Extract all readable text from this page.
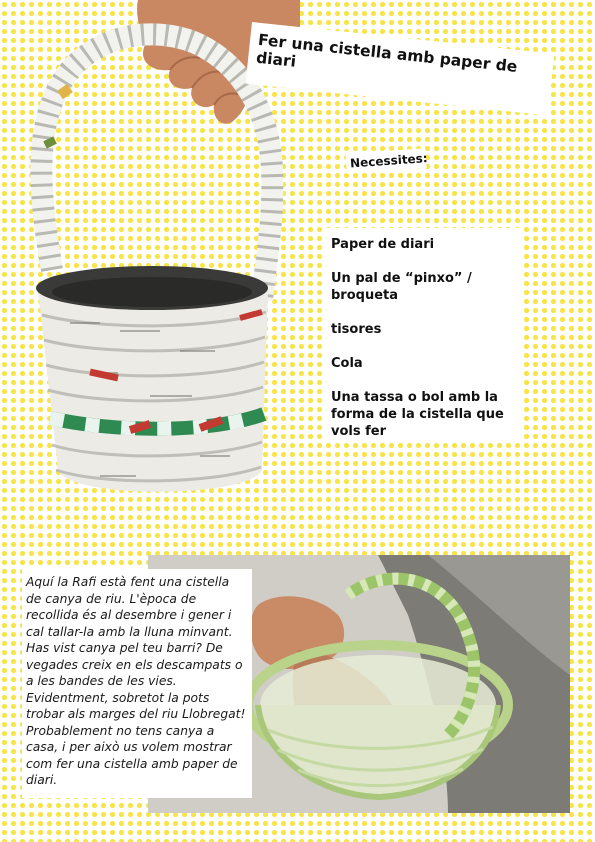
Fer una cistella amb paper de diari
Necessites:
Paper de diari
Un pal de “pinxo” / broqueta
tisores
Cola
Una tassa o bol amb la forma de la cistella que vols fer
Aquí la Rafi està fent una cistella de canya de riu. L'època de recollida és al desembre i gener i cal tallar-la amb la lluna minvant. Has vist canya pel teu barri? De vegades creix en els descampats o a les bandes de les vies. Evidentment, sobretot la pots trobar als marges del riu Llobregat! Probablement no tens canya a casa, i per això us volem mostrar com fer una cistella amb paper de diari.
